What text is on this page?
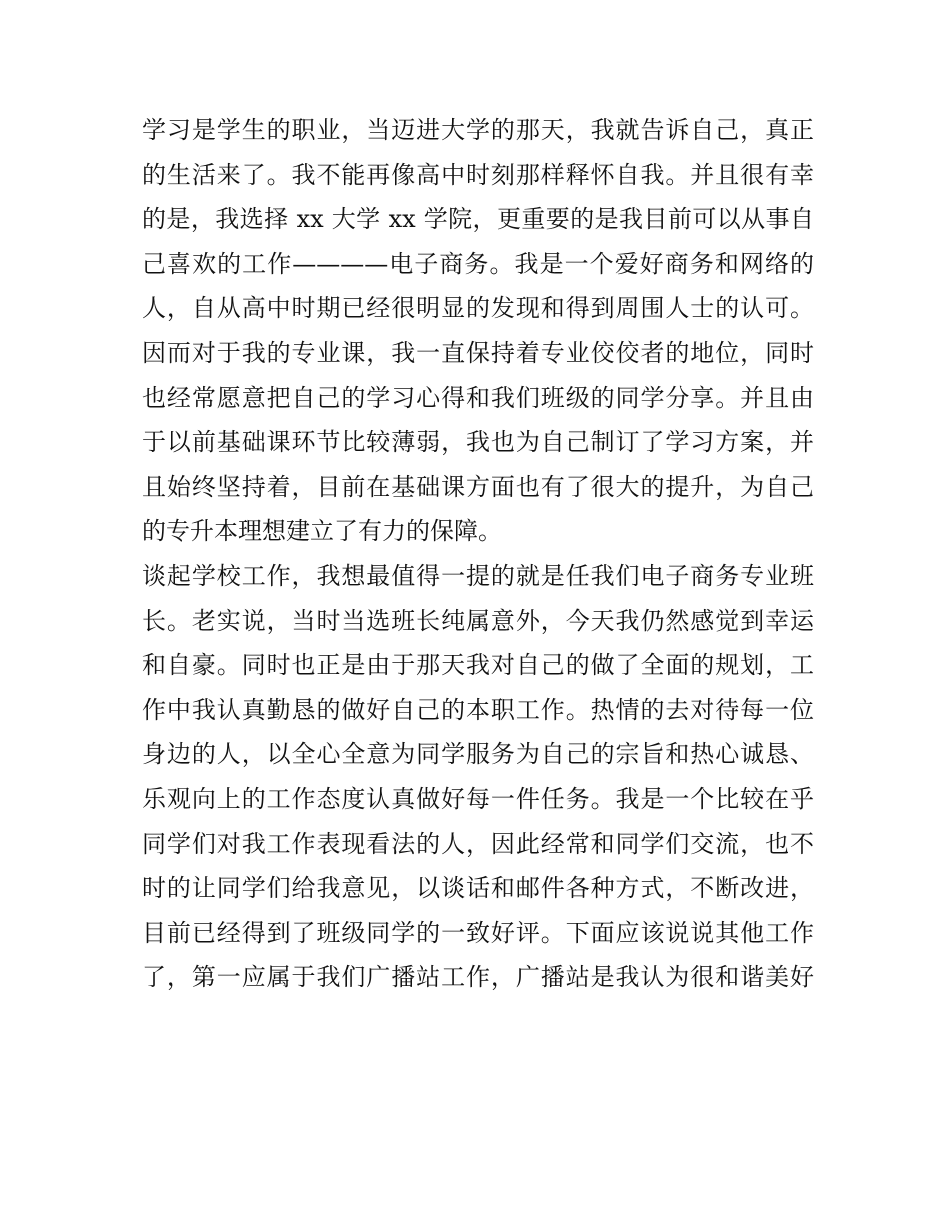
学习是学生的职业，当迈进大学的那天，我就告诉自己，真正
的生活来了。我不能再像高中时刻那样释怀自我。并且很有幸
的是，我选择 xx 大学 xx 学院，更重要的是我目前可以从事自
己喜欢的工作————电子商务。我是一个爱好商务和网络的
人，自从高中时期已经很明显的发现和得到周围人士的认可。
因而对于我的专业课，我一直保持着专业佼佼者的地位，同时
也经常愿意把自己的学习心得和我们班级的同学分享。并且由
于以前基础课环节比较薄弱，我也为自己制订了学习方案，并
且始终坚持着，目前在基础课方面也有了很大的提升，为自己
的专升本理想建立了有力的保障。
谈起学校工作，我想最值得一提的就是任我们电子商务专业班
长。老实说，当时当选班长纯属意外，今天我仍然感觉到幸运
和自豪。同时也正是由于那天我对自己的做了全面的规划，工
作中我认真勤恳的做好自己的本职工作。热情的去对待每一位
身边的人，以全心全意为同学服务为自己的宗旨和热心诚恳、
乐观向上的工作态度认真做好每一件任务。我是一个比较在乎
同学们对我工作表现看法的人，因此经常和同学们交流，也不
时的让同学们给我意见，以谈话和邮件各种方式，不断改进，
目前已经得到了班级同学的一致好评。下面应该说说其他工作
了，第一应属于我们广播站工作，广播站是我认为很和谐美好
